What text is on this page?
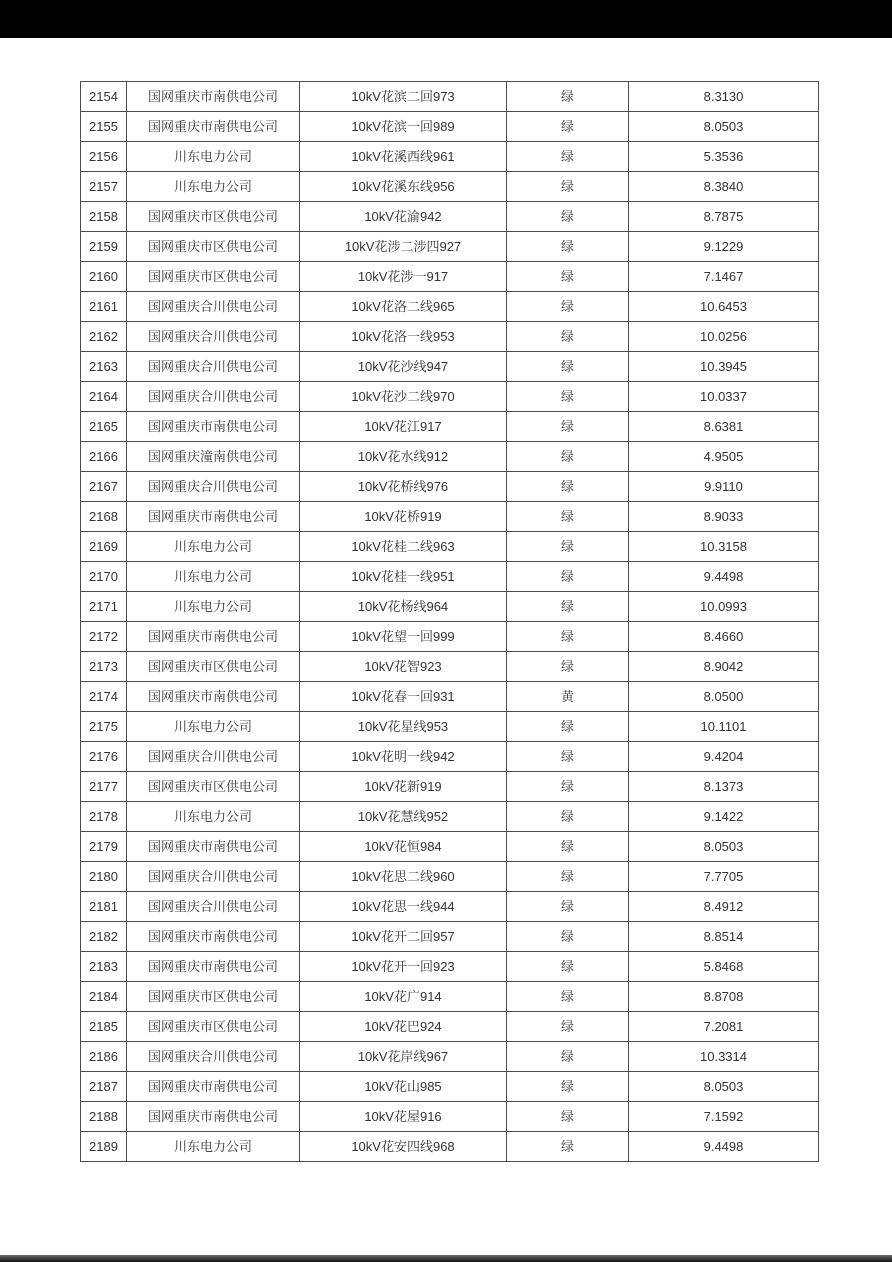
2154	国网重庆市南供电公司	10kV花滨二回973	绿	8.3130
2155	国网重庆市南供电公司	10kV花滨一回989	绿	8.0503
2156	川东电力公司	10kV花溪西线961	绿	5.3536
2157	川东电力公司	10kV花溪东线956	绿	8.3840
2158	国网重庆市区供电公司	10kV花渝942	绿	8.7875
2159	国网重庆市区供电公司	10kV花涉二涉四927	绿	9.1229
2160	国网重庆市区供电公司	10kV花涉一917	绿	7.1467
2161	国网重庆合川供电公司	10kV花洛二线965	绿	10.6453
2162	国网重庆合川供电公司	10kV花洛一线953	绿	10.0256
2163	国网重庆合川供电公司	10kV花沙线947	绿	10.3945
2164	国网重庆合川供电公司	10kV花沙二线970	绿	10.0337
2165	国网重庆市南供电公司	10kV花江917	绿	8.6381
2166	国网重庆潼南供电公司	10kV花水线912	绿	4.9505
2167	国网重庆合川供电公司	10kV花桥线976	绿	9.9110
2168	国网重庆市南供电公司	10kV花桥919	绿	8.9033
2169	川东电力公司	10kV花桂二线963	绿	10.3158
2170	川东电力公司	10kV花桂一线951	绿	9.4498
2171	川东电力公司	10kV花杨线964	绿	10.0993
2172	国网重庆市南供电公司	10kV花望一回999	绿	8.4660
2173	国网重庆市区供电公司	10kV花智923	绿	8.9042
2174	国网重庆市南供电公司	10kV花春一回931	黄	8.0500
2175	川东电力公司	10kV花星线953	绿	10.1101
2176	国网重庆合川供电公司	10kV花明一线942	绿	9.4204
2177	国网重庆市区供电公司	10kV花新919	绿	8.1373
2178	川东电力公司	10kV花慧线952	绿	9.1422
2179	国网重庆市南供电公司	10kV花恒984	绿	8.0503
2180	国网重庆合川供电公司	10kV花思二线960	绿	7.7705
2181	国网重庆合川供电公司	10kV花思一线944	绿	8.4912
2182	国网重庆市南供电公司	10kV花开二回957	绿	8.8514
2183	国网重庆市南供电公司	10kV花开一回923	绿	5.8468
2184	国网重庆市区供电公司	10kV花广914	绿	8.8708
2185	国网重庆市区供电公司	10kV花巴924	绿	7.2081
2186	国网重庆合川供电公司	10kV花岸线967	绿	10.3314
2187	国网重庆市南供电公司	10kV花山985	绿	8.0503
2188	国网重庆市南供电公司	10kV花屋916	绿	7.1592
2189	川东电力公司	10kV花安四线968	绿	9.4498
